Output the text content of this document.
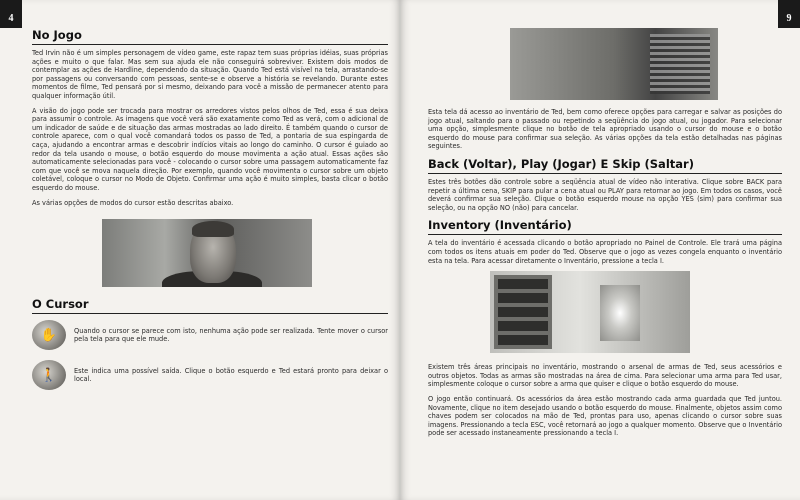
4
No Jogo

Ted Irvin não é um simples personagem de vídeo game, este rapaz tem suas próprias idéias, suas próprias ações e muito o que falar. Mas sem sua ajuda ele não conseguirá sobreviver. Existem dois modos de contemplar as ações de Hardline, dependendo da situação. Quando Ted está visível na tela, arrastando-se por passagens ou conversando com pessoas, sente-se e observe a história se revelando. Durante estes momentos de filme, Ted pensará por si mesmo, deixando para você a missão de permanecer atento para qualquer informação útil.

A visão do jogo pode ser trocada para mostrar os arredores vistos pelos olhos de Ted, essa é sua deixa para assumir o controle. As imagens que você verá são exatamente como Ted as verá, com o adicional de um indicador de saúde e de situação das armas mostradas ao lado direito. É também quando o cursor de controle aparece, com o qual você comandará todos os passo de Ted, a pontaria de sua espingarda de caça, ajudando a encontrar armas e descobrir indícios vitais ao longo do caminho. O cursor é guiado ao redor da tela usando o mouse, o botão esquerdo do mouse movimenta a ação atual. Essas ações são automaticamente selecionadas para você - colocando o cursor sobre uma passagem automaticamente faz com que você se mova naquela direção. Por exemplo, quando você movimenta o cursor sobre um objeto coletável, coloque o cursor no Modo de Objeto. Confirmar uma ação é muito simples, basta clicar o botão esquerdo do mouse.

As várias opções de modos do cursor estão descritas abaixo.

O Cursor
✋	Quando o cursor se parece com isto, nenhuma ação pode ser realizada. Tente mover o cursor pela tela para que ele mude.

🚶	Este indica uma possível saída. Clique o botão esquerdo e Ted estará pronto para deixar o local.

9

Esta tela dá acesso ao inventário de Ted, bem como oferece opções para carregar e salvar as posições do jogo atual, saltando para o passado ou repetindo a seqüência do jogo atual, ou jogador. Para selecionar uma opção, simplesmente clique no botão de tela apropriado usando o cursor do mouse e o botão esquerdo do mouse para confirmar sua seleção. As várias opções da tela estão detalhadas nas páginas seguintes.

Back (Voltar), Play (Jogar) E Skip (Saltar)

Estes três botões dão controle sobre a seqüência atual de vídeo não interativa. Clique sobre BACK para repetir a última cena, SKIP para pular a cena atual ou PLAY para retornar ao jogo. Em todos os casos, você deverá confirmar sua seleção. Clique o botão esquerdo mouse na opção YES (sim) para confirmar sua seleção, ou na opção NO (não) para cancelar.

Inventory (Inventário)

A tela do inventário é acessada clicando o botão apropriado no Painel de Controle. Ele trará uma página com todos os itens atuais em poder do Ted. Observe que o jogo as vezes congela enquanto o inventário esta na tela. Para acessar diretamente o Inventário, pressione a tecla I.

Existem três áreas principais no inventário, mostrando o arsenal de armas de Ted, seus acessórios e outros objetos. Todas as armas são mostradas na área de cima. Para selecionar uma arma para Ted usar, simplesmente coloque o cursor sobre a arma que quiser e clique o botão esquerdo do mouse.

O jogo então continuará. Os acessórios da área estão mostrando cada arma guardada que Ted juntou. Novamente, clique no item desejado usando o botão esquerdo do mouse. Finalmente, objetos assim como chaves podem ser colocados na mão de Ted, prontas para uso, apenas clicando o cursor sobre suas imagens. Pressionando a tecla ESC, você retornará ao jogo a qualquer momento. Observe que o Inventário pode ser acessado instaneamente pressionando a tecla I.
